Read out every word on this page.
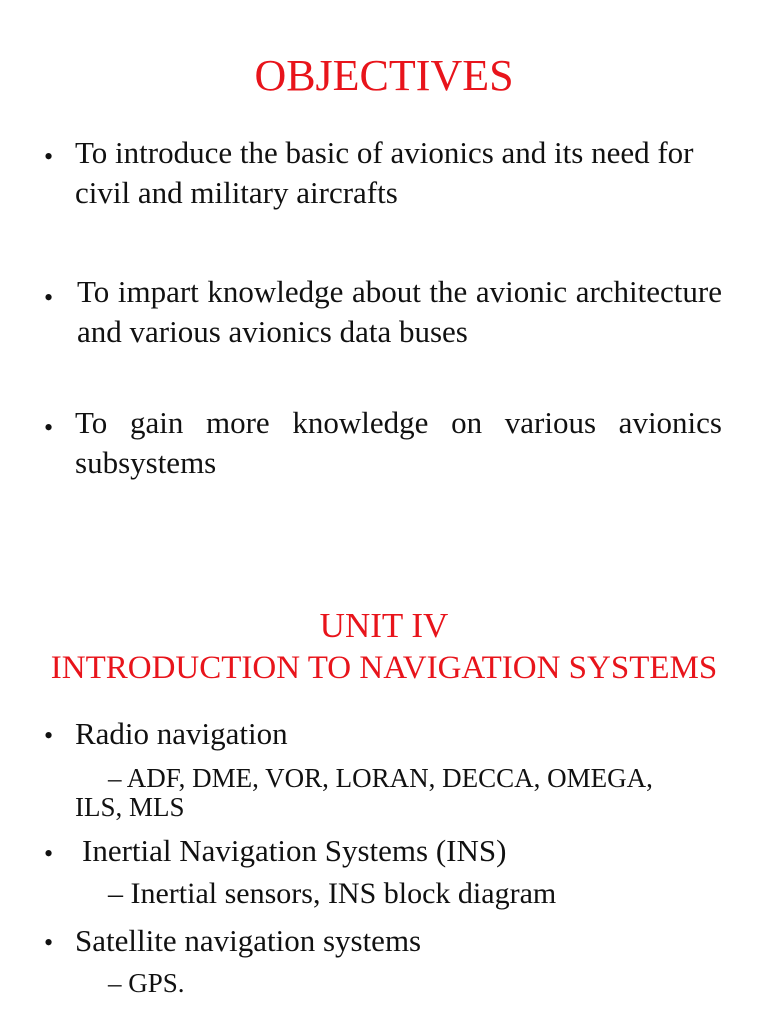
OBJECTIVES
• To introduce the basic of avionics and its need for civil and military aircrafts
• To impart knowledge about the avionic architecture and various avionics data buses
• To gain more knowledge on various avionics subsystems
UNIT IV
INTRODUCTION TO NAVIGATION SYSTEMS
• Radio navigation
– ADF, DME, VOR, LORAN, DECCA, OMEGA,
ILS, MLS
• Inertial Navigation Systems (INS)
– Inertial sensors, INS block diagram
• Satellite navigation systems
– GPS.
